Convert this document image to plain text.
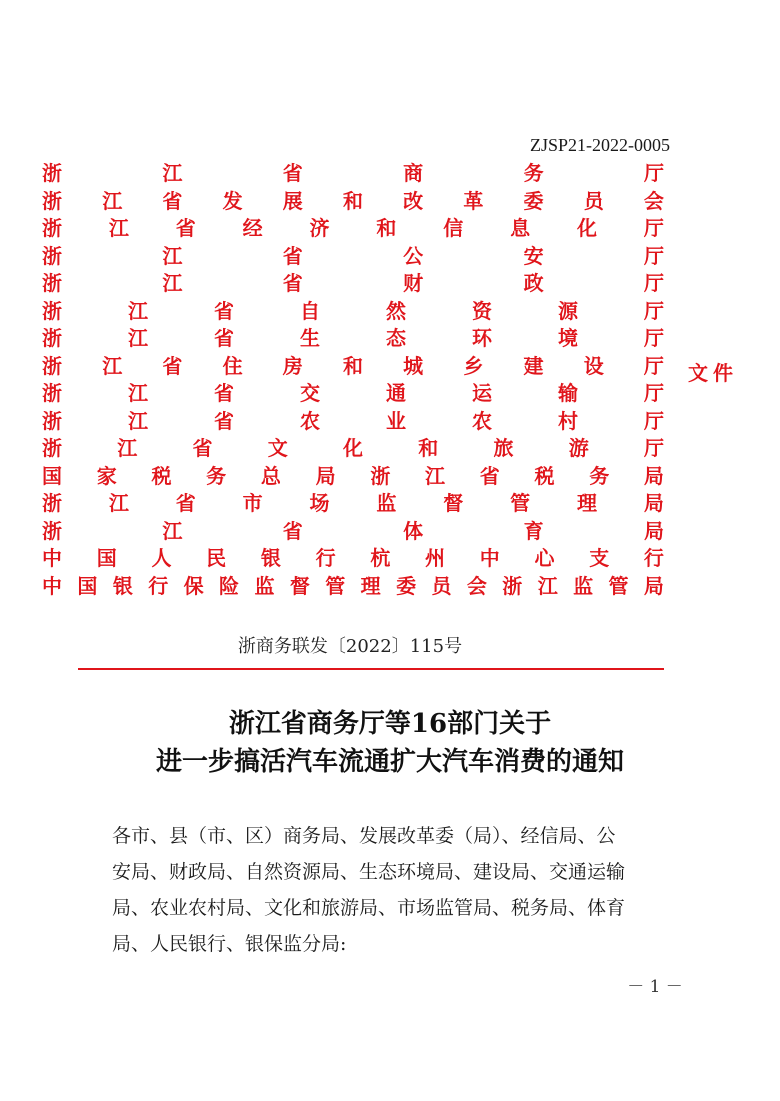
ZJSP21-2022-0005
浙	江	省	商	务	厅
浙 江 省 发 展 和 改 革 委 员 会
浙 江 省 经 济 和 信 息 化 厅
浙	江	省	公	安	厅
浙	江	省	财	政	厅
浙	江	省	自	然	资	源	厅
浙	江	省	生	态	环	境	厅
浙 江 省 住 房 和 城 乡 建 设 厅
浙	江	省	交	通	运	输	厅
浙	江	省	农	业	农	村	厅
浙	江	省	文	化	和	旅	游	厅
国 家 税 务 总 局 浙 江 省 税 务 局
浙 江 省 市 场 监 督 管 理 局
浙	江	省	体	育	局
中 国 人 民 银 行 杭 州 中 心 支 行
中 国 银 行 保 险 监 督 管 理 委 员 会 浙 江 监 管 局
文件
浙商务联发〔2022〕115号
浙江省商务厅等16部门关于
进一步搞活汽车流通扩大汽车消费的通知
各市、县（市、区）商务局、发展改革委（局）、经信局、公
安局、财政局、自然资源局、生态环境局、建设局、交通运输
局、农业农村局、文化和旅游局、市场监管局、税务局、体育
局、人民银行、银保监分局:
－ 1 －
